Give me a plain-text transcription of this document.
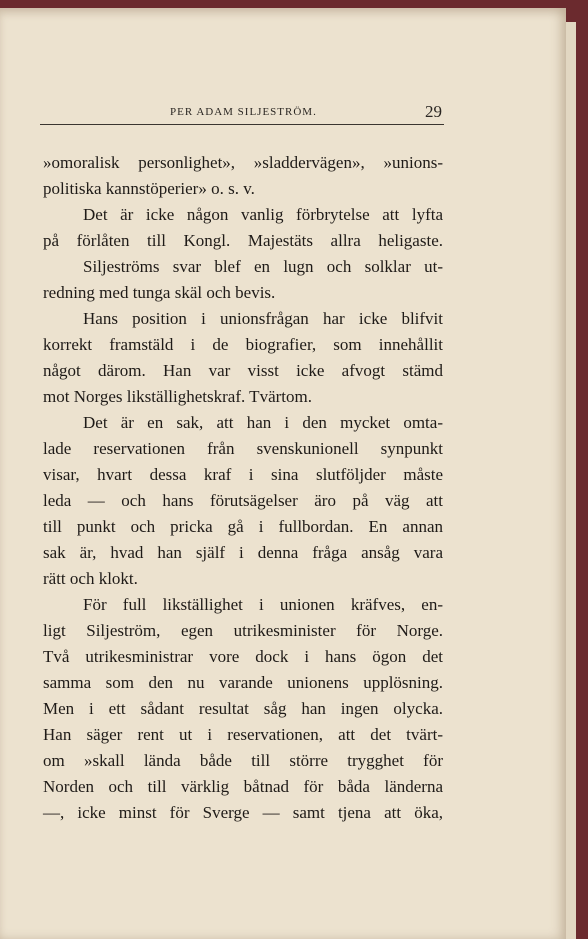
PER ADAM SILJESTRÖM.	29
»omoralisk personlighet», »sladdervägen», »unions-
politiska kannstöperier» o. s. v.
Det är icke någon vanlig förbrytelse att lyfta
på förlåten till Kongl. Majestäts allra heligaste.
Siljeströms svar blef en lugn och solklar ut-
redning med tunga skäl och bevis.
Hans position i unionsfrågan har icke blifvit
korrekt framstäld i de biografier, som innehållit
något därom. Han var visst icke afvogt stämd
mot Norges likställighetskraf. Tvärtom.
Det är en sak, att han i den mycket omta-
lade reservationen från svenskunionell synpunkt
visar, hvart dessa kraf i sina slutföljder måste
leda — och hans förutsägelser äro på väg att
till punkt och pricka gå i fullbordan. En annan
sak är, hvad han själf i denna fråga ansåg vara
rätt och klokt.
För full likställighet i unionen kräfves, en-
ligt Siljeström, egen utrikesminister för Norge.
Två utrikesministrar vore dock i hans ögon det
samma som den nu varande unionens upplösning.
Men i ett sådant resultat såg han ingen olycka.
Han säger rent ut i reservationen, att det tvärt-
om »skall lända både till större trygghet för
Norden och till värklig båtnad för båda länderna
—, icke minst för Sverge — samt tjena att öka,
